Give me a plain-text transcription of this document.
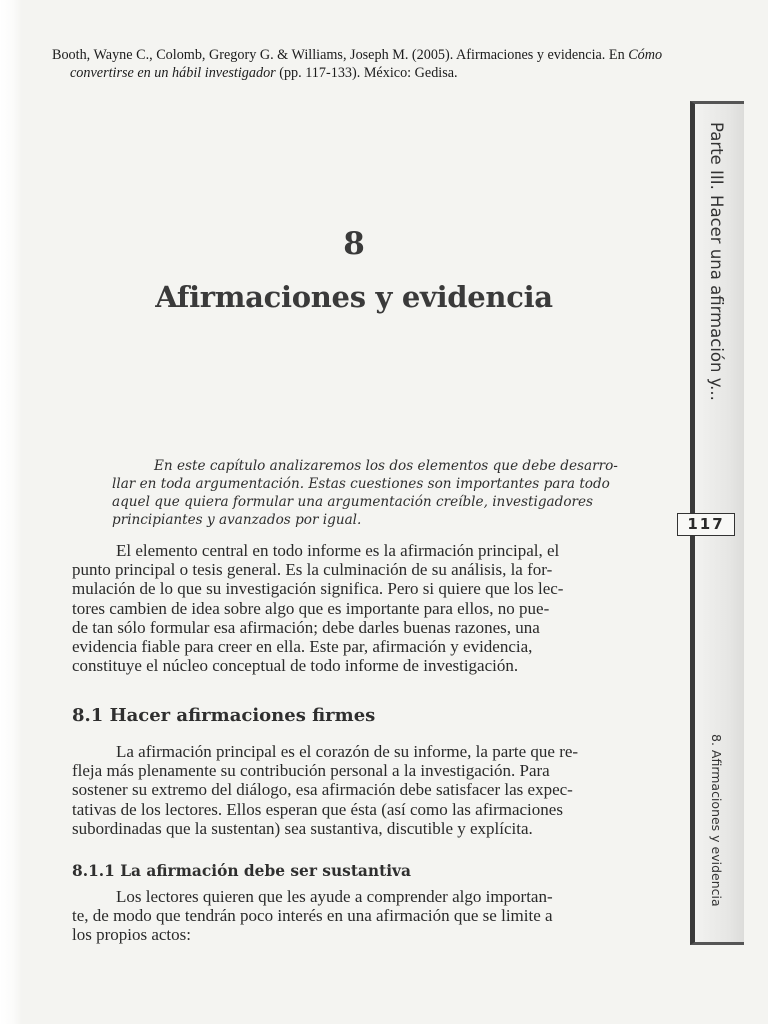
Booth, Wayne C., Colomb, Gregory G. & Williams, Joseph M. (2005). Afirmaciones y evidencia. En Cómo
convertirse en un hábil investigador (pp. 117-133). México: Gedisa.
8
Afirmaciones y evidencia
En este capítulo analizaremos los dos elementos que debe desarro-
llar en toda argumentación. Estas cuestiones son importantes para todo
aquel que quiera formular una argumentación creíble, investigadores
principiantes y avanzados por igual.
El elemento central en todo informe es la afirmación principal, el
punto principal o tesis general. Es la culminación de su análisis, la for-
mulación de lo que su investigación significa. Pero si quiere que los lec-
tores cambien de idea sobre algo que es importante para ellos, no pue-
de tan sólo formular esa afirmación; debe darles buenas razones, una
evidencia fiable para creer en ella. Este par, afirmación y evidencia,
constituye el núcleo conceptual de todo informe de investigación.
8.1 Hacer afirmaciones firmes
La afirmación principal es el corazón de su informe, la parte que re-
fleja más plenamente su contribución personal a la investigación. Para
sostener su extremo del diálogo, esa afirmación debe satisfacer las expec-
tativas de los lectores. Ellos esperan que ésta (así como las afirmaciones
subordinadas que la sustentan) sea sustantiva, discutible y explícita.
8.1.1 La afirmación debe ser sustantiva
Los lectores quieren que les ayude a comprender algo importan-
te, de modo que tendrán poco interés en una afirmación que se limite a
los propios actos:
Parte III. Hacer una afirmación y...
8. Afirmaciones y evidencia
117
